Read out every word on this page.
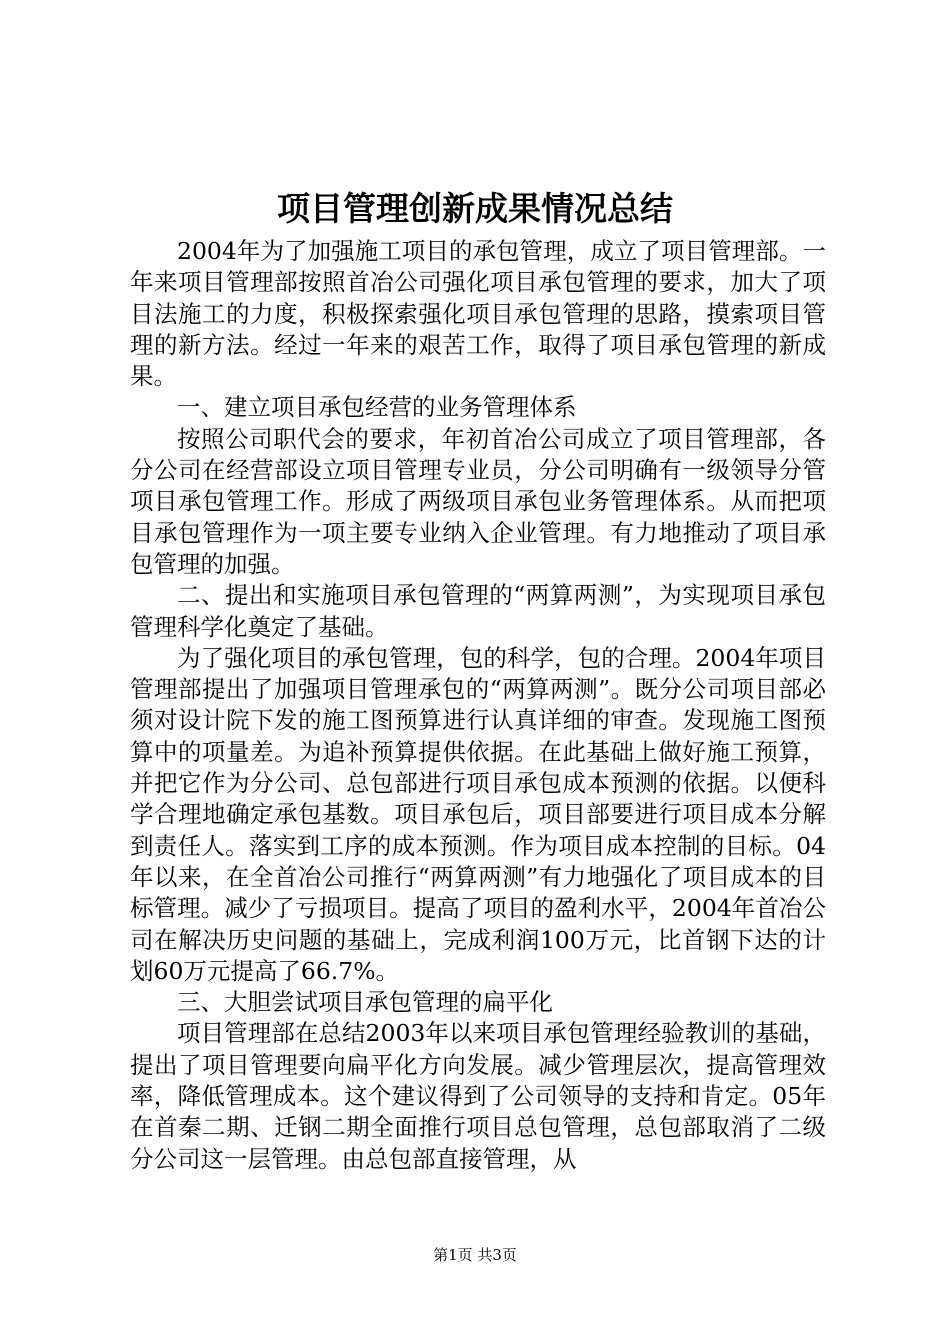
项目管理创新成果情况总结

2004年为了加强施工项目的承包管理，成立了项目管理部。一年来项目管理部按照首冶公司强化项目承包管理的要求，加大了项目法施工的力度，积极探索强化项目承包管理的思路，摸索项目管理的新方法。经过一年来的艰苦工作，取得了项目承包管理的新成果。

一、建立项目承包经营的业务管理体系

按照公司职代会的要求，年初首冶公司成立了项目管理部，各分公司在经营部设立项目管理专业员，分公司明确有一级领导分管项目承包管理工作。形成了两级项目承包业务管理体系。从而把项目承包管理作为一项主要专业纳入企业管理。有力地推动了项目承包管理的加强。

二、提出和实施项目承包管理的“两算两测”，为实现项目承包管理科学化奠定了基础。

为了强化项目的承包管理，包的科学，包的合理。2004年项目管理部提出了加强项目管理承包的“两算两测”。既分公司项目部必须对设计院下发的施工图预算进行认真详细的审查。发现施工图预算中的项量差。为追补预算提供依据。在此基础上做好施工预算，并把它作为分公司、总包部进行项目承包成本预测的依据。以便科学合理地确定承包基数。项目承包后，项目部要进行项目成本分解到责任人。落实到工序的成本预测。作为项目成本控制的目标。04年以来，在全首冶公司推行“两算两测”有力地强化了项目成本的目标管理。减少了亏损项目。提高了项目的盈利水平，2004年首冶公司在解决历史问题的基础上，完成利润100万元，比首钢下达的计划60万元提高了66.7%。

三、大胆尝试项目承包管理的扁平化

项目管理部在总结2003年以来项目承包管理经验教训的基础，提出了项目管理要向扁平化方向发展。减少管理层次，提高管理效率，降低管理成本。这个建议得到了公司领导的支持和肯定。05年在首秦二期、迁钢二期全面推行项目总包管理，总包部取消了二级分公司这一层管理。由总包部直接管理，从

第1页 共3页
